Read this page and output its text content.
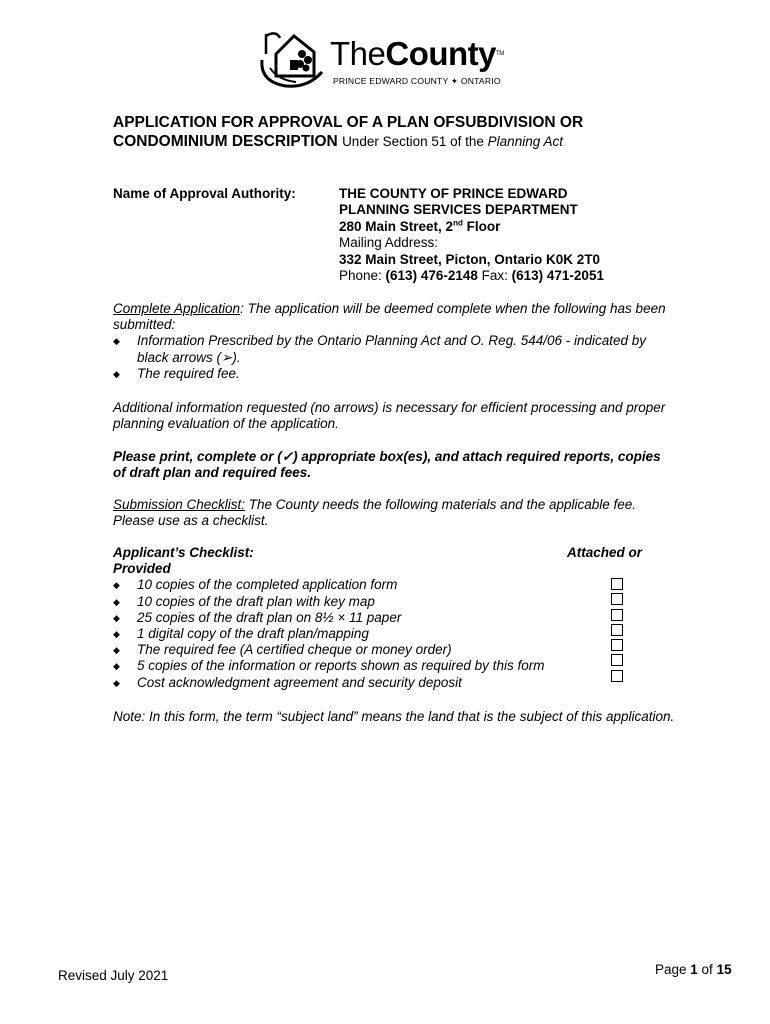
TheCounty™
PRINCE EDWARD COUNTY ✦ ONTARIO
APPLICATION FOR APPROVAL OF A PLAN OFSUBDIVISION OR CONDOMINIUM DESCRIPTION Under Section 51 of the Planning Act
Name of Approval Authority:	THE COUNTY OF PRINCE EDWARD
PLANNING SERVICES DEPARTMENT
280 Main Street, 2nd Floor
Mailing Address:
332 Main Street, Picton, Ontario K0K 2T0
Phone: (613) 476-2148 Fax: (613) 471-2051
Complete Application: The application will be deemed complete when the following has been submitted:
◆ Information Prescribed by the Ontario Planning Act and O. Reg. 544/06 - indicated by black arrows (➢).
◆ The required fee.
Additional information requested (no arrows) is necessary for efficient processing and proper planning evaluation of the application.
Please print, complete or (✓) appropriate box(es), and attach required reports, copies of draft plan and required fees.
Submission Checklist: The County needs the following materials and the applicable fee. Please use as a checklist.
Applicant’s Checklist:
Provided
◆ 10 copies of the completed application form
◆ 10 copies of the draft plan with key map
◆ 25 copies of the draft plan on 8½ × 11 paper
◆ 1 digital copy of the draft plan/mapping
◆ The required fee (A certified cheque or money order)
◆ 5 copies of the information or reports shown as required by this form
◆ Cost acknowledgment agreement and security deposit
Attached or
Note: In this form, the term “subject land” means the land that is the subject of this application.
Revised July 2021	Page 1 of 15
